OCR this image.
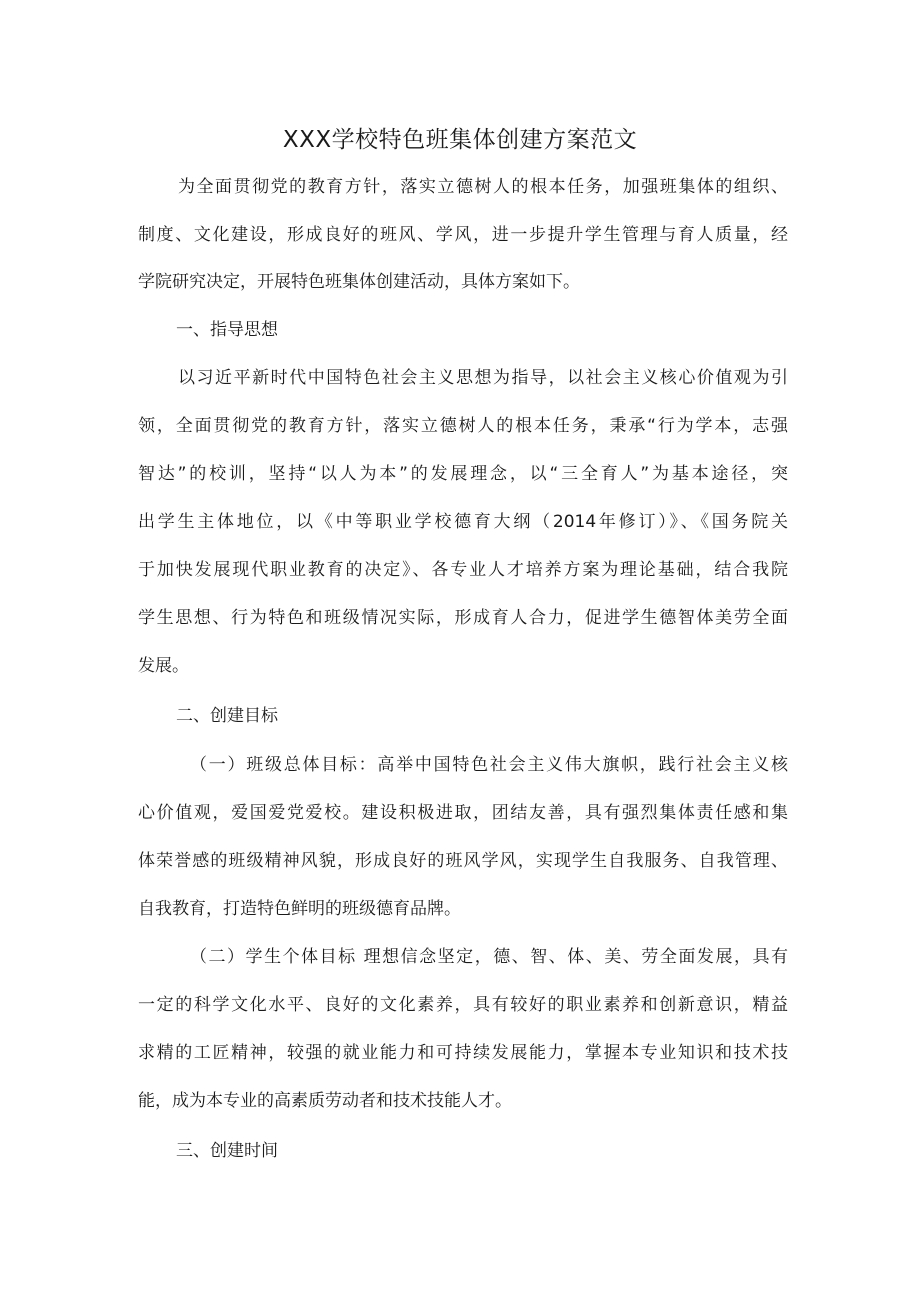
XXX学校特色班集体创建方案范文
为全面贯彻党的教育方针，落实立德树人的根本任务，加强班集体的组织、
制度、文化建设，形成良好的班风、学风，进一步提升学生管理与育人质量，经
学院研究决定，开展特色班集体创建活动，具体方案如下。
一、指导思想
以习近平新时代中国特色社会主义思想为指导，以社会主义核心价值观为引
领，全面贯彻党的教育方针，落实立德树人的根本任务，秉承“行为学本，志强
智达”的校训，坚持“以人为本”的发展理念，以“三全育人”为基本途径，突
出学生主体地位，以《中等职业学校德育大纲（2014年修订）》、《国务院关
于加快发展现代职业教育的决定》、各专业人才培养方案为理论基础，结合我院
学生思想、行为特色和班级情况实际，形成育人合力，促进学生德智体美劳全面
发展。
二、创建目标
（一）班级总体目标：高举中国特色社会主义伟大旗帜，践行社会主义核
心价值观，爱国爱党爱校。建设积极进取，团结友善，具有强烈集体责任感和集
体荣誉感的班级精神风貌，形成良好的班风学风，实现学生自我服务、自我管理、
自我教育，打造特色鲜明的班级德育品牌。
（二）学生个体目标 理想信念坚定，德、智、体、美、劳全面发展，具有
一定的科学文化水平、良好的文化素养，具有较好的职业素养和创新意识，精益
求精的工匠精神，较强的就业能力和可持续发展能力，掌握本专业知识和技术技
能，成为本专业的高素质劳动者和技术技能人才。
三、创建时间
